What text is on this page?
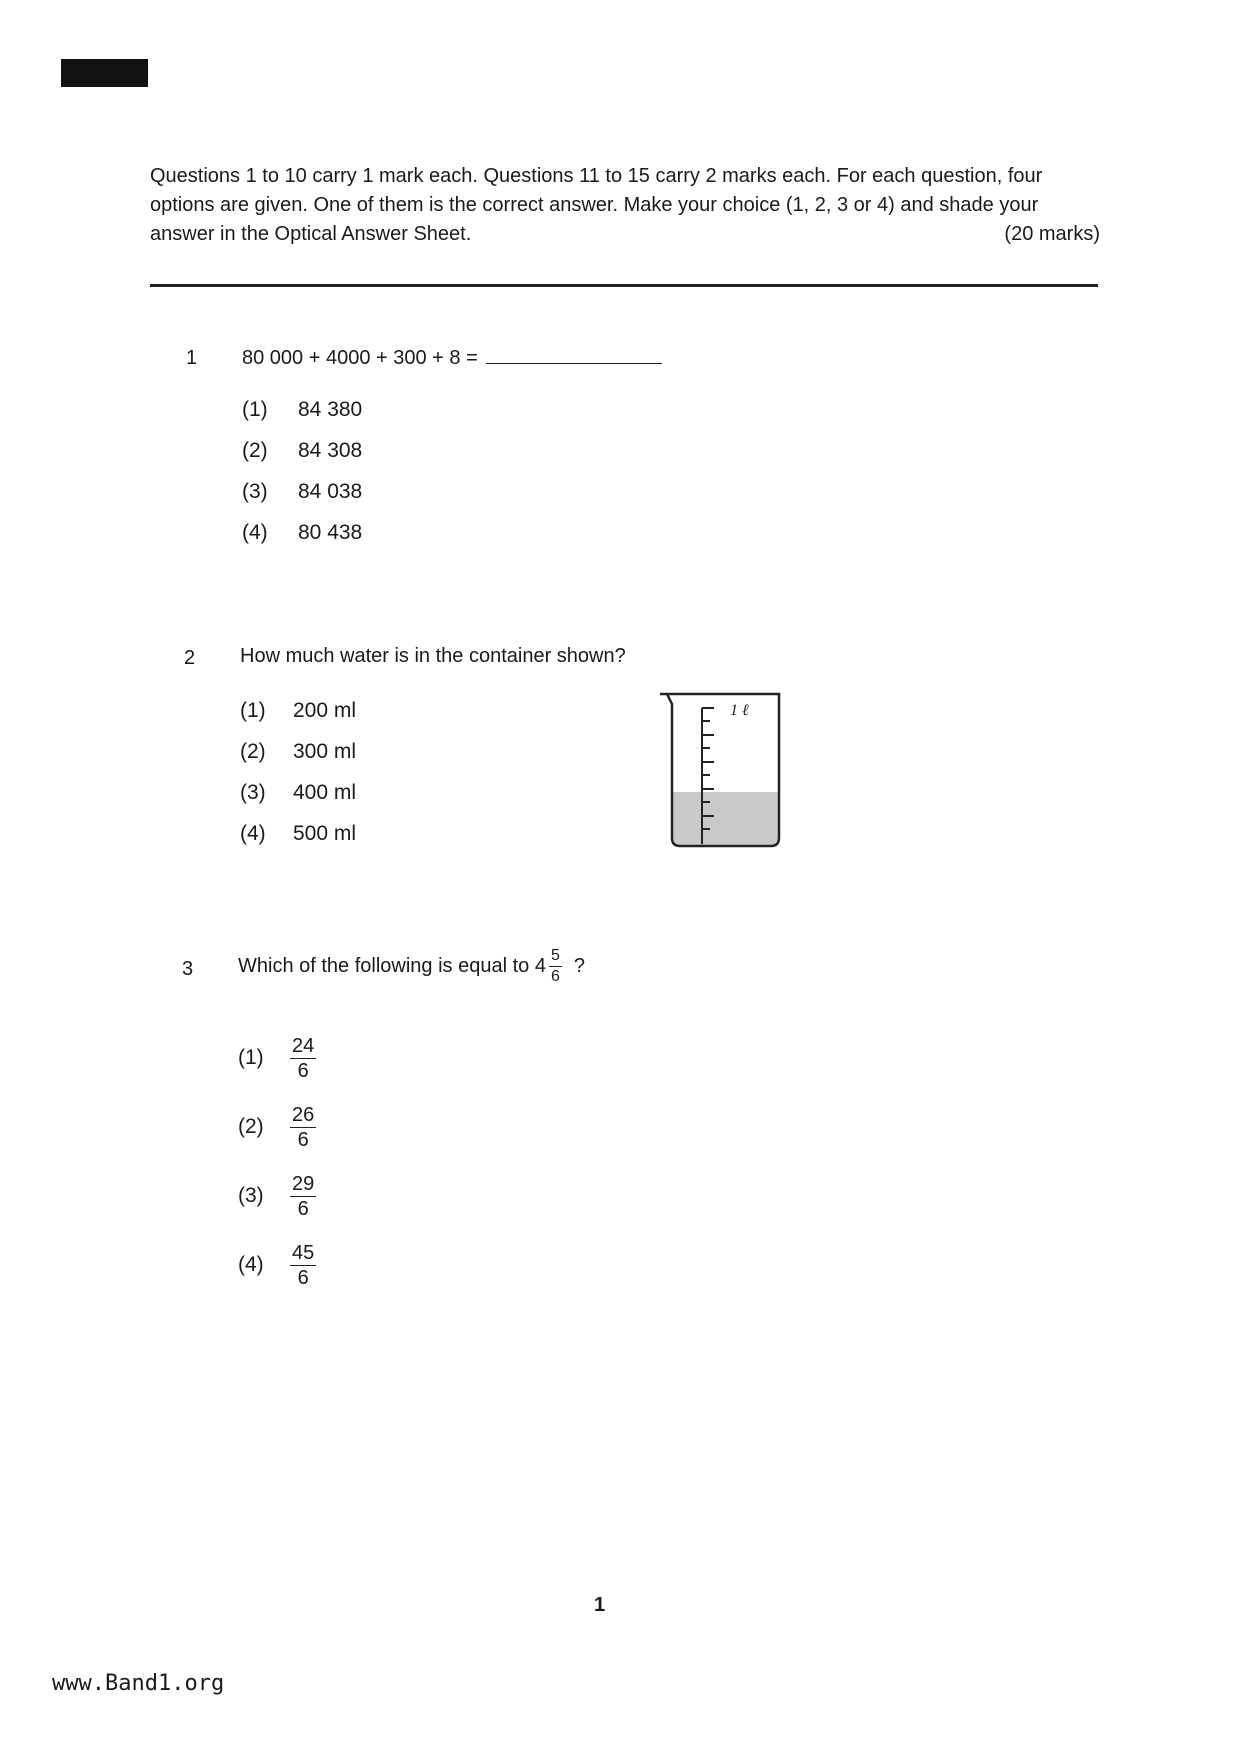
Questions 1 to 10 carry 1 mark each. Questions 11 to 15 carry 2 marks each. For each question, four options are given. One of them is the correct answer. Make your choice (1, 2, 3 or 4) and shade your answer in the Optical Answer Sheet.	(20 marks)
1 80 000 + 4000 + 300 + 8 =
(1)	84 380
(2)	84 308
(3)	84 038
(4)	80 438
2 How much water is in the container shown?
(1)	200 ml
(2)	300 ml
(3)	400 ml
(4)	500 ml
1 ℓ
3 Which of the following is equal to $4 \frac{5}{6}$ ?
(1)	$\frac{24}{6}$
(2)	$\frac{26}{6}$
(3)	$\frac{29}{6}$
(4)	$\frac{45}{6}$
1
www.Band1.org
